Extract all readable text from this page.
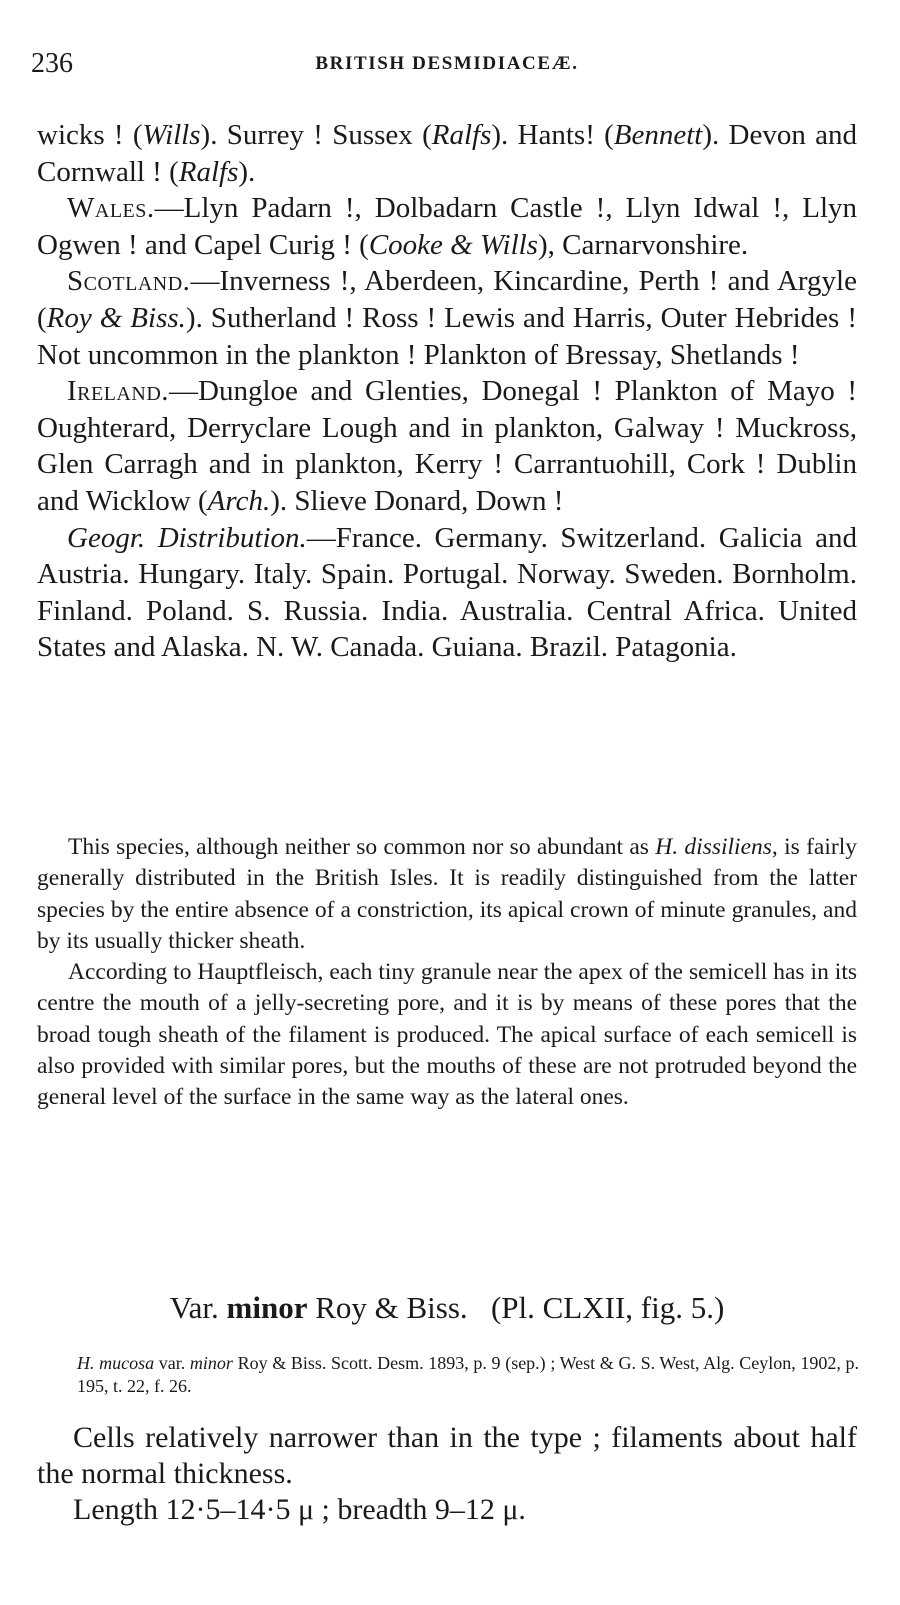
236	BRITISH DESMIDIACEÆ.

wicks ! (Wills). Surrey ! Sussex (Ralfs). Hants! (Bennett). Devon and Cornwall ! (Ralfs).

Wales.—Llyn Padarn !, Dolbadarn Castle !, Llyn Idwal !, Llyn Ogwen ! and Capel Curig ! (Cooke & Wills), Carnarvonshire.

Scotland.—Inverness !, Aberdeen, Kincardine, Perth ! and Argyle (Roy & Biss.). Sutherland ! Ross ! Lewis and Harris, Outer Hebrides ! Not uncommon in the plankton ! Plankton of Bressay, Shetlands !

Ireland.—Dungloe and Glenties, Donegal ! Plankton of Mayo ! Oughterard, Derryclare Lough and in plankton, Galway ! Muckross, Glen Carragh and in plankton, Kerry ! Carrantuohill, Cork ! Dublin and Wicklow (Arch.). Slieve Donard, Down !

Geogr. Distribution.—France. Germany. Switzerland. Galicia and Austria. Hungary. Italy. Spain. Portugal. Norway. Sweden. Bornholm. Finland. Poland. S. Russia. India. Australia. Central Africa. United States and Alaska. N. W. Canada. Guiana. Brazil. Patagonia.

This species, although neither so common nor so abundant as H. dissiliens, is fairly generally distributed in the British Isles. It is readily distinguished from the latter species by the entire absence of a constriction, its apical crown of minute granules, and by its usually thicker sheath.

According to Hauptfleisch, each tiny granule near the apex of the semicell has in its centre the mouth of a jelly-secreting pore, and it is by means of these pores that the broad tough sheath of the filament is produced. The apical surface of each semicell is also provided with similar pores, but the mouths of these are not protruded beyond the general level of the surface in the same way as the lateral ones.

Var. minor Roy & Biss. (Pl. CLXII, fig. 5.)
H. mucosa var. minor Roy & Biss. Scott. Desm. 1893, p. 9 (sep.) ; West & G. S. West, Alg. Ceylon, 1902, p. 195, t. 22, f. 26.

Cells relatively narrower than in the type ; filaments about half the normal thickness.

Length 12·5–14·5 μ ; breadth 9–12 μ.
